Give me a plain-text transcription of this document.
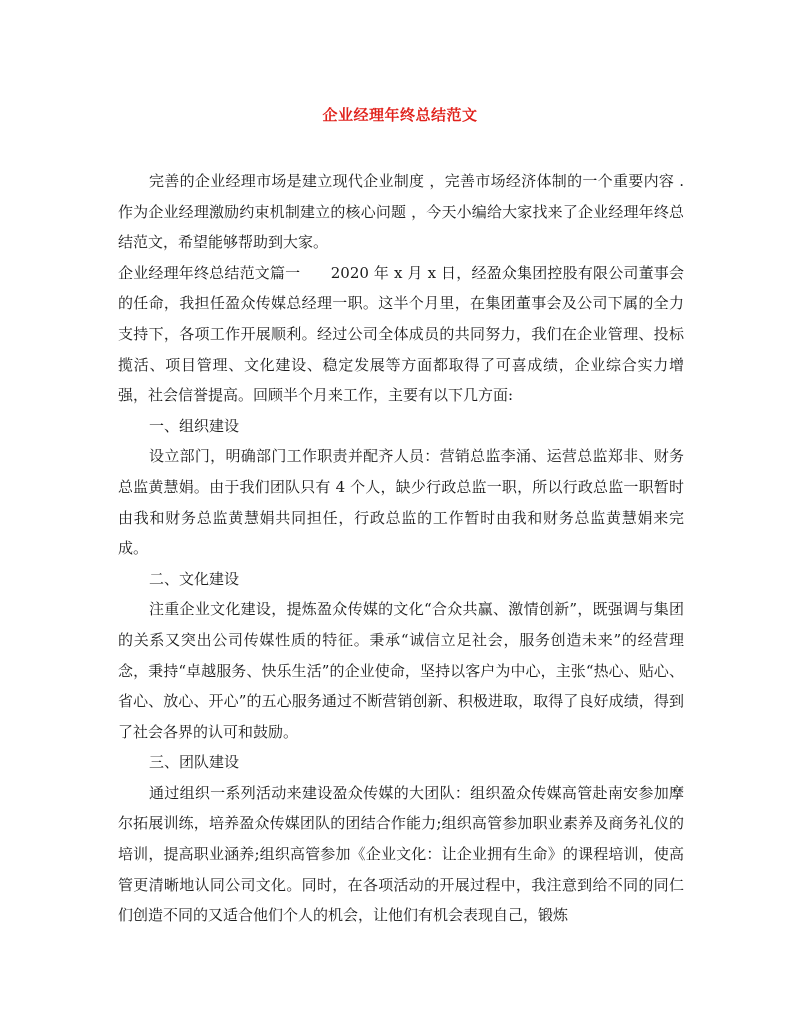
企业经理年终总结范文

完善的企业经理市场是建立现代企业制度 ，完善市场经济体制的一个重要内容 . 作为企业经理激励约束机制建立的核心问题 ，今天小编给大家找来了企业经理年终总结范文，希望能够帮助到大家。

企业经理年终总结范文篇一　　2020 年 x 月 x 日，经盈众集团控股有限公司董事会的任命，我担任盈众传媒总经理一职。这半个月里，在集团董事会及公司下属的全力支持下，各项工作开展顺利。经过公司全体成员的共同努力，我们在企业管理、投标揽活、项目管理、文化建设、稳定发展等方面都取得了可喜成绩，企业综合实力增强，社会信誉提高。回顾半个月来工作，主要有以下几方面:

一、组织建设

设立部门，明确部门工作职责并配齐人员：营销总监李涌、运营总监郑非、财务总监黄慧娟。由于我们团队只有 4 个人，缺少行政总监一职，所以行政总监一职暂时由我和财务总监黄慧娟共同担任，行政总监的工作暂时由我和财务总监黄慧娟来完成。

二、文化建设

注重企业文化建设，提炼盈众传媒的文化“合众共赢、激情创新”，既强调与集团的关系又突出公司传媒性质的特征。秉承“诚信立足社会，服务创造未来”的经营理念，秉持“卓越服务、快乐生活”的企业使命，坚持以客户为中心，主张“热心、贴心、省心、放心、开心”的五心服务通过不断营销创新、积极进取，取得了良好成绩，得到了社会各界的认可和鼓励。

三、团队建设

通过组织一系列活动来建设盈众传媒的大团队：组织盈众传媒高管赴南安参加摩尔拓展训练，培养盈众传媒团队的团结合作能力;组织高管参加职业素养及商务礼仪的培训，提高职业涵养;组织高管参加《企业文化：让企业拥有生命》的课程培训，使高管更清晰地认同公司文化。同时，在各项活动的开展过程中，我注意到给不同的同仁们创造不同的又适合他们个人的机会，让他们有机会表现自己，锻炼
